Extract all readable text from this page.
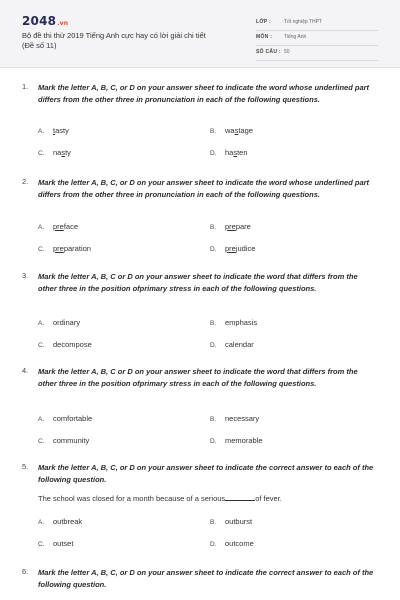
2048.vn
Bộ đề thi thử 2019 Tiếng Anh cực hay có lời giải chi tiết
(Đề số 11)
LỚP :	Tốt nghiệp THPT
MÔN : Tiếng Anh
SỐ CÂU : 50
1. Mark the letter A, B, C, or D on your answer sheet to indicate the word whose underlined part differs from the other three in pronunciation in each of the following questions.
A. tasty	B. wastage
C. nasty	D. hasten
2. Mark the letter A, B, C, or D on your answer sheet to indicate the word whose underlined part differs from the other three in pronunciation in each of the following questions.
A. preface	B. prepare
C. preparation	D. prejudice
3. Mark the letter A, B, C or D on your answer sheet to indicate the word that differs from the other three in the position ofprimary stress in each of the following questions.
A. ordinary	B. emphasis
C. decompose	D. calendar
4. Mark the letter A, B, C or D on your answer sheet to indicate the word that differs from the other three in the position ofprimary stress in each of the following questions.
A. comfortable	B. necessary
C. community	D. memorable
5. Mark the letter A, B, C, or D on your answer sheet to indicate the correct answer to each of the following question.
The school was closed for a month because of a serious	of fever.
A. outbreak	B. outburst
C. outset	D. outcome
6. Mark the letter A, B, C, or D on your answer sheet to indicate the correct answer to each of the following question.
